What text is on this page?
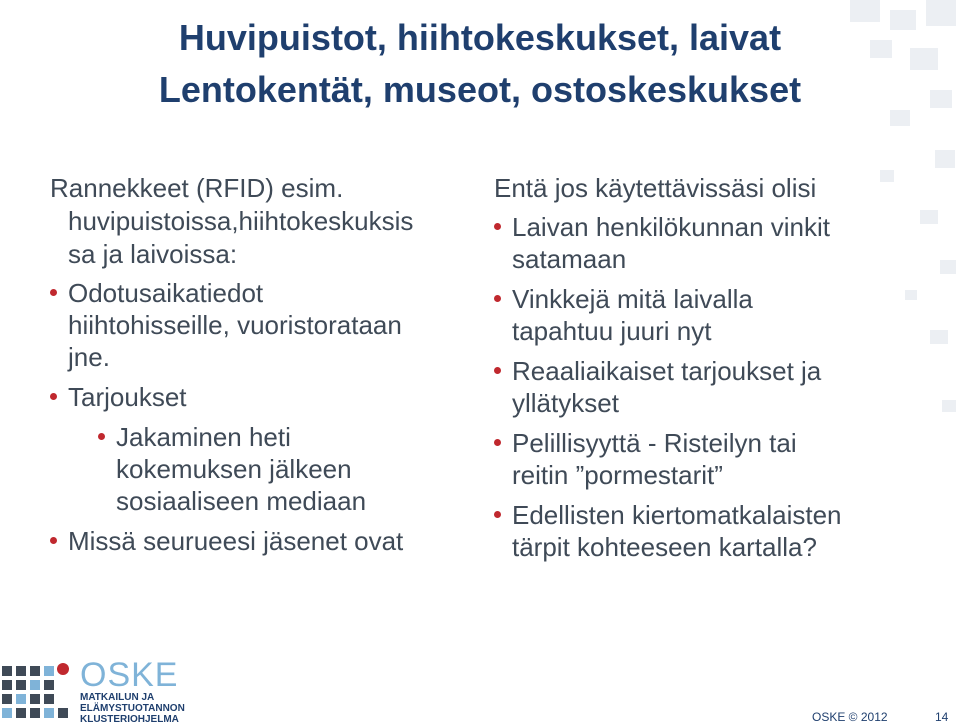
Huvipuistot, hiihtokeskukset, laivat
Lentokentät, museot, ostoskeskukset
Rannekkeet (RFID) esim.
huvipuistoissa,hiihtokeskuksis
sa ja laivoissa:
Odotusaikatiedot
hiihtohisseille, vuoristorataan
jne.
Tarjoukset
Jakaminen heti
kokemuksen jälkeen
sosiaaliseen mediaan
Missä seurueesi jäsenet ovat
Entä jos käytettävissäsi olisi
Laivan henkilökunnan vinkit
satamaan
Vinkkejä mitä laivalla
tapahtuu juuri nyt
Reaaliaikaiset tarjoukset ja
yllätykset
Pelillisyyttä - Risteilyn tai
reitin ”pormestarit”
Edellisten kiertomatkalaisten
tärpit kohteeseen kartalla?
OSKE
MATKAILUN JA
ELÄMYSTUOTANNON
KLUSTERIOHJELMA	OSKE © 2012	14
